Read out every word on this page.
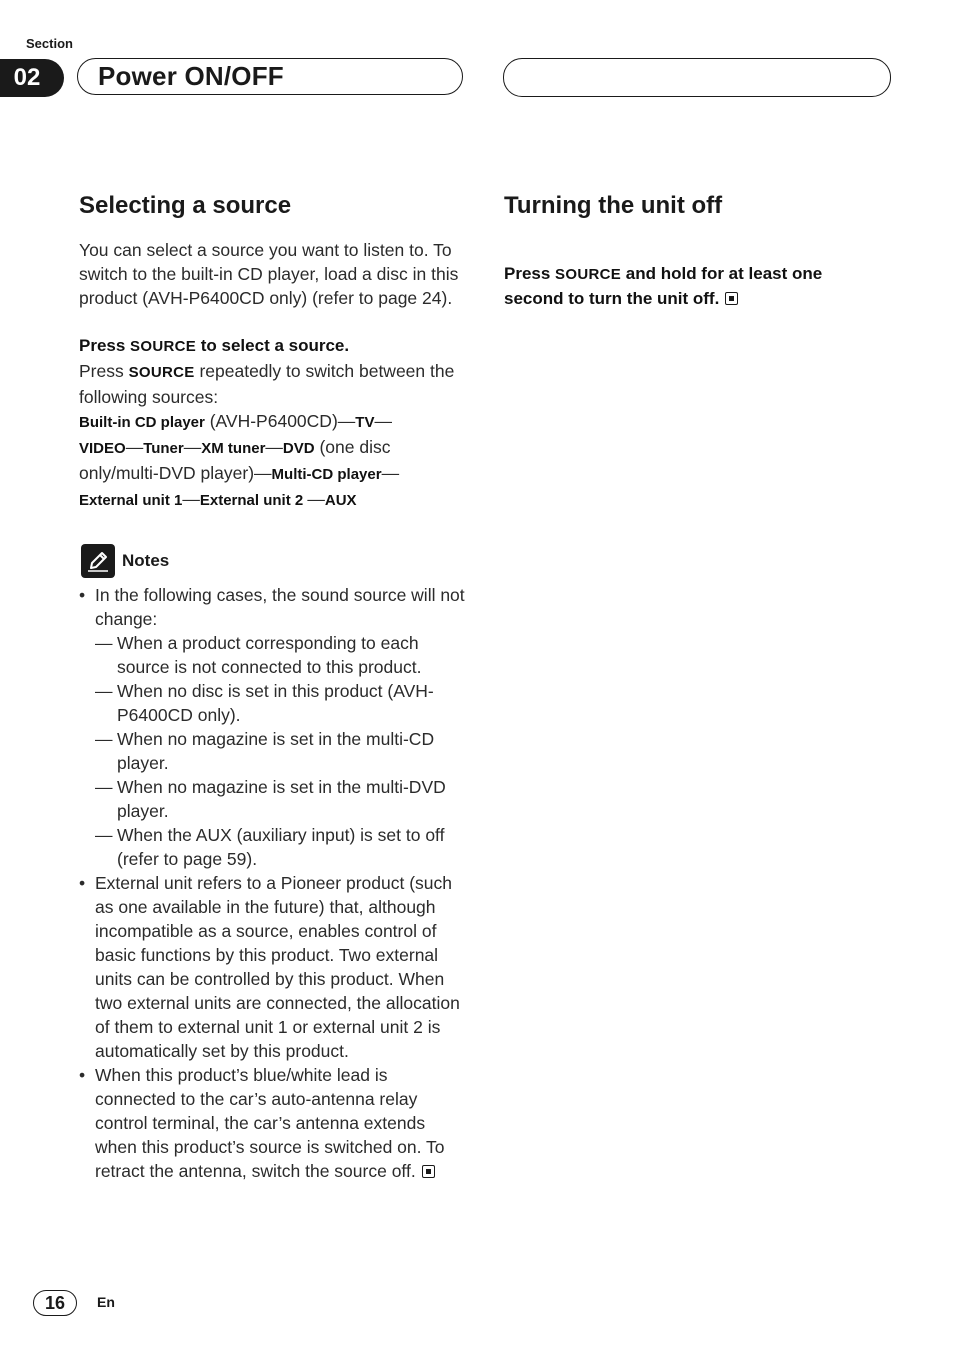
Section
02	Power ON/OFF
Selecting a source
You can select a source you want to listen to. To switch to the built-in CD player, load a disc in this product (AVH-P6400CD only) (refer to page 24).
Press SOURCE to select a source.
Press SOURCE repeatedly to switch between the following sources:
Built-in CD player (AVH-P6400CD)—TV—
VIDEO—Tuner—XM tuner—DVD (one disc only/multi-DVD player)—Multi-CD player—
External unit 1—External unit 2 —AUX
Notes
• In the following cases, the sound source will not change:
— When a product corresponding to each source is not connected to this product.
— When no disc is set in this product (AVH-P6400CD only).
— When no magazine is set in the multi-CD player.
— When no magazine is set in the multi-DVD player.
— When the AUX (auxiliary input) is set to off (refer to page 59).
• External unit refers to a Pioneer product (such as one available in the future) that, although incompatible as a source, enables control of basic functions by this product. Two external units can be controlled by this product. When two external units are connected, the allocation of them to external unit 1 or external unit 2 is automatically set by this product.
• When this product’s blue/white lead is connected to the car’s auto-antenna relay control terminal, the car’s antenna extends when this product’s source is switched on. To retract the antenna, switch the source off.
Turning the unit off
Press SOURCE and hold for at least one second to turn the unit off.
16	En
